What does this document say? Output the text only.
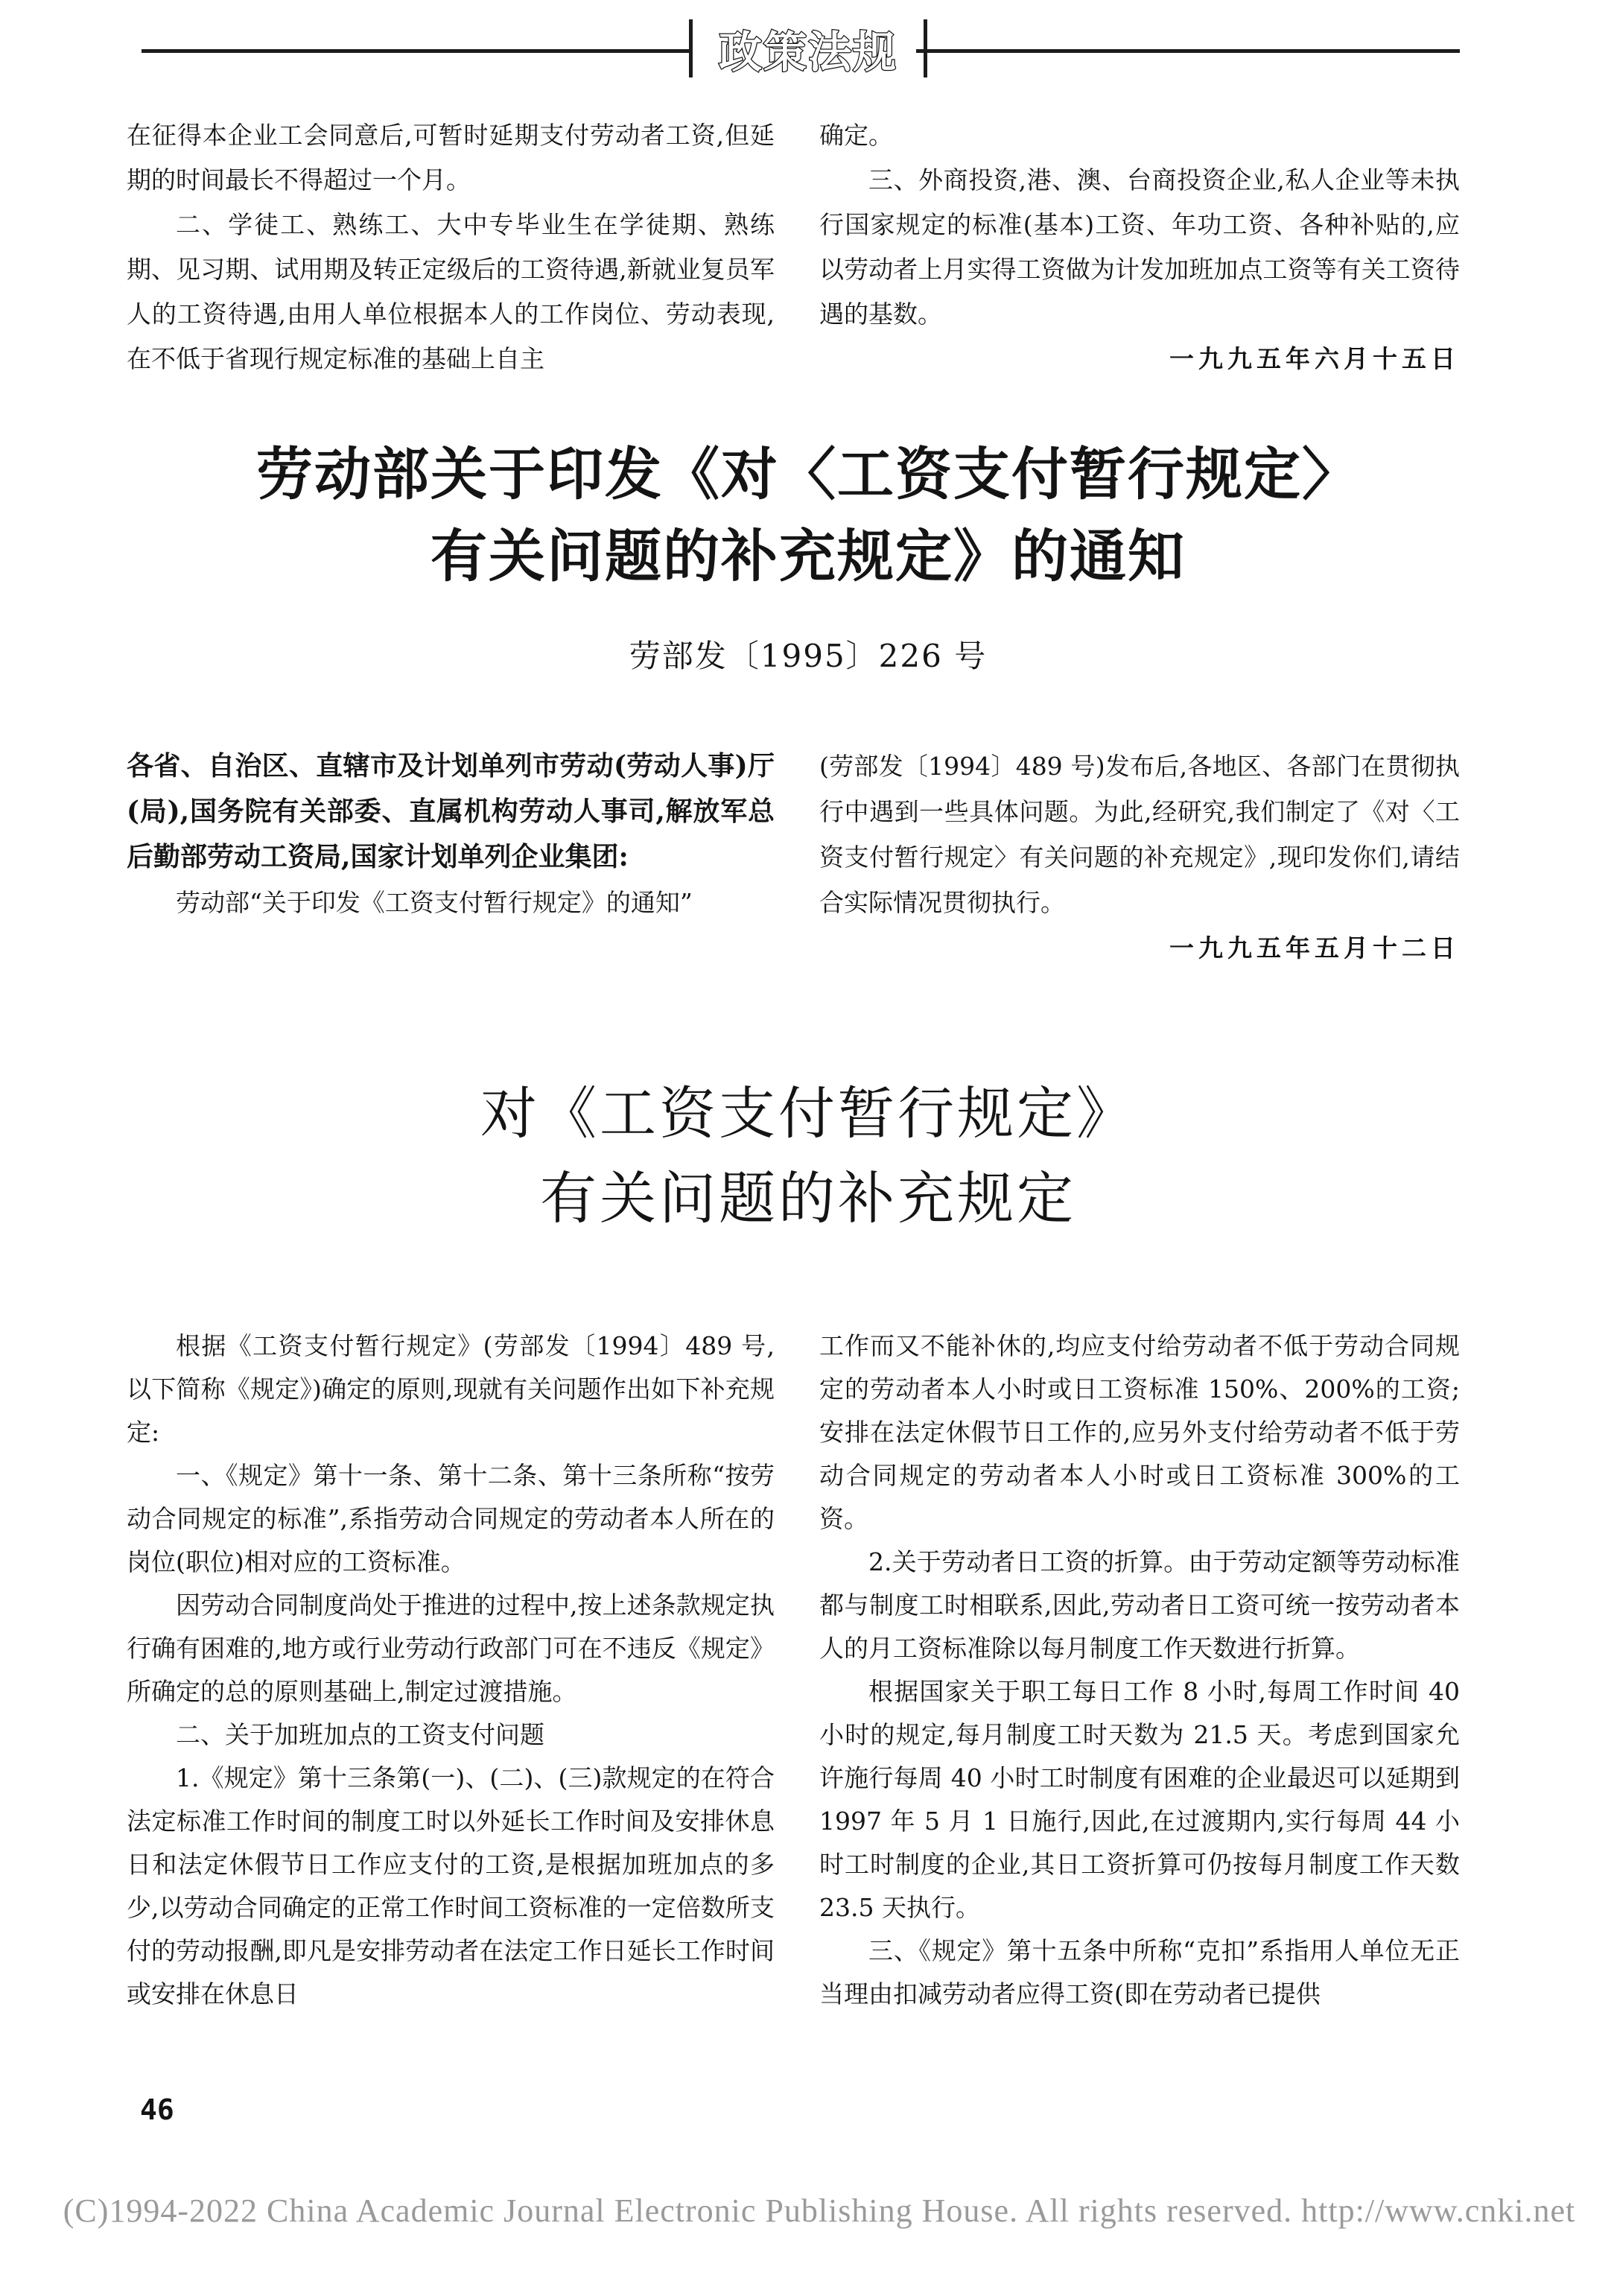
政策法规

在征得本企业工会同意后,可暂时延期支付劳动者工资,但延期的时间最长不得超过一个月。

二、学徒工、熟练工、大中专毕业生在学徒期、熟练期、见习期、试用期及转正定级后的工资待遇,新就业复员军人的工资待遇,由用人单位根据本人的工作岗位、劳动表现,在不低于省现行规定标准的基础上自主

确定。

三、外商投资,港、澳、台商投资企业,私人企业等未执行国家规定的标准(基本)工资、年功工资、各种补贴的,应以劳动者上月实得工资做为计发加班加点工资等有关工资待遇的基数。

一九九五年六月十五日

劳动部关于印发《对〈工资支付暂行规定〉
有关问题的补充规定》的通知
劳部发〔1995〕226 号

各省、自治区、直辖市及计划单列市劳动(劳动人事)厅(局),国务院有关部委、直属机构劳动人事司,解放军总后勤部劳动工资局,国家计划单列企业集团:

劳动部“关于印发《工资支付暂行规定》的通知”

(劳部发〔1994〕489 号)发布后,各地区、各部门在贯彻执行中遇到一些具体问题。为此,经研究,我们制定了《对〈工资支付暂行规定〉有关问题的补充规定》,现印发你们,请结合实际情况贯彻执行。

一九九五年五月十二日

对《工资支付暂行规定》
有关问题的补充规定

根据《工资支付暂行规定》(劳部发〔1994〕489 号,以下简称《规定》)确定的原则,现就有关问题作出如下补充规定:

一、《规定》第十一条、第十二条、第十三条所称“按劳动合同规定的标准”,系指劳动合同规定的劳动者本人所在的岗位(职位)相对应的工资标准。

因劳动合同制度尚处于推进的过程中,按上述条款规定执行确有困难的,地方或行业劳动行政部门可在不违反《规定》所确定的总的原则基础上,制定过渡措施。

二、关于加班加点的工资支付问题

1.《规定》第十三条第(一)、(二)、(三)款规定的在符合法定标准工作时间的制度工时以外延长工作时间及安排休息日和法定休假节日工作应支付的工资,是根据加班加点的多少,以劳动合同确定的正常工作时间工资标准的一定倍数所支付的劳动报酬,即凡是安排劳动者在法定工作日延长工作时间或安排在休息日

工作而又不能补休的,均应支付给劳动者不低于劳动合同规定的劳动者本人小时或日工资标准 150%、200%的工资;安排在法定休假节日工作的,应另外支付给劳动者不低于劳动合同规定的劳动者本人小时或日工资标准 300%的工资。

2.关于劳动者日工资的折算。由于劳动定额等劳动标准都与制度工时相联系,因此,劳动者日工资可统一按劳动者本人的月工资标准除以每月制度工作天数进行折算。

根据国家关于职工每日工作 8 小时,每周工作时间 40 小时的规定,每月制度工时天数为 21.5 天。考虑到国家允许施行每周 40 小时工时制度有困难的企业最迟可以延期到 1997 年 5 月 1 日施行,因此,在过渡期内,实行每周 44 小时工时制度的企业,其日工资折算可仍按每月制度工作天数 23.5 天执行。

三、《规定》第十五条中所称“克扣”系指用人单位无正当理由扣减劳动者应得工资(即在劳动者已提供

46
(C)1994-2022 China Academic Journal Electronic Publishing House. All rights reserved. http://www.cnki.net
